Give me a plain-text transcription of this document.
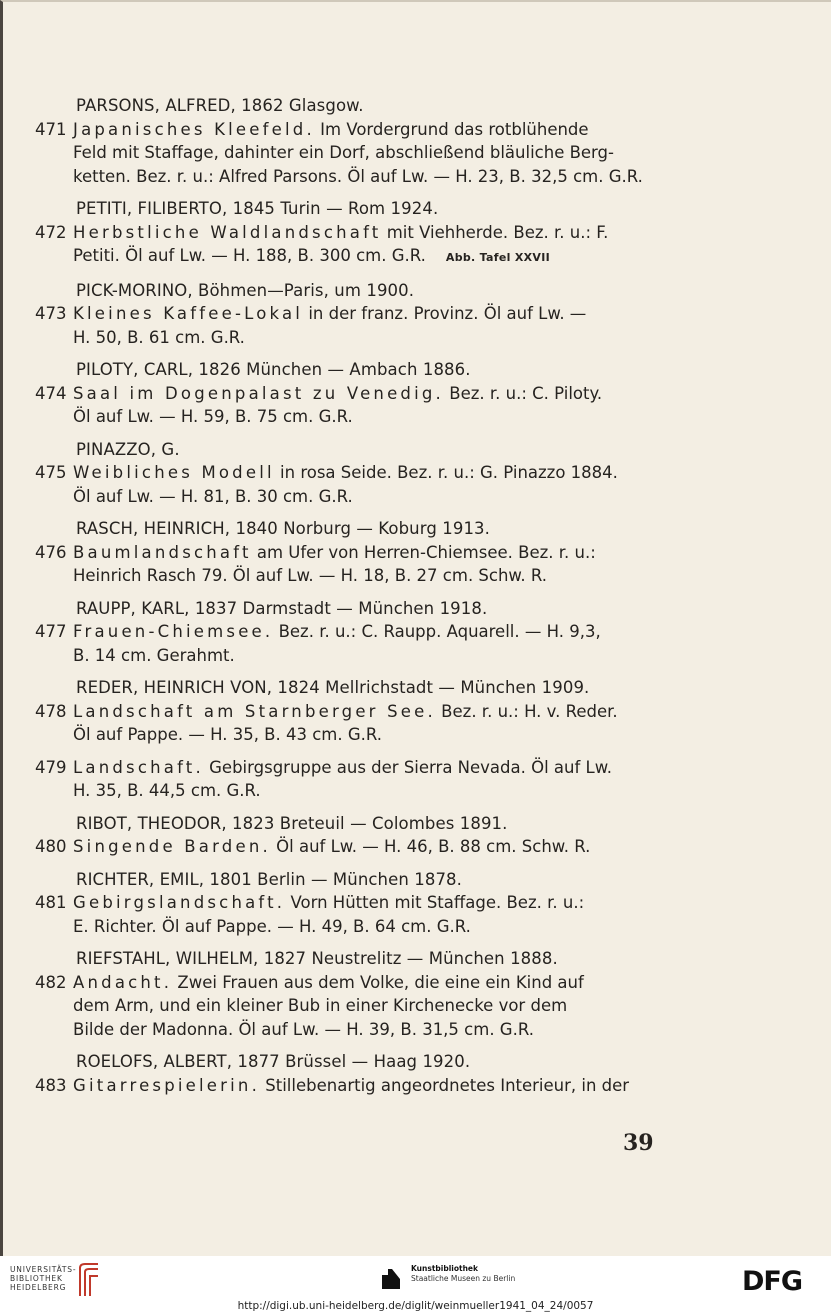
PARSONS, ALFRED, 1862 Glasgow.
471 Japanisches Kleefeld. Im Vordergrund das rotblühende
Feld mit Staffage, dahinter ein Dorf, abschließend bläuliche Berg-
ketten. Bez. r. u.: Alfred Parsons. Öl auf Lw. — H. 23, B. 32,5 cm. G.R.
PETITI, FILIBERTO, 1845 Turin — Rom 1924.
472 Herbstliche Waldlandschaft mit Viehherde. Bez. r. u.: F.
Petiti. Öl auf Lw. — H. 188, B. 300 cm. G.R. Abb. Tafel XXVII
PICK-MORINO, Böhmen—Paris, um 1900.
473 Kleines Kaffee-Lokal in der franz. Provinz. Öl auf Lw. —
H. 50, B. 61 cm. G.R.
PILOTY, CARL, 1826 München — Ambach 1886.
474 Saal im Dogenpalast zu Venedig. Bez. r. u.: C. Piloty.
Öl auf Lw. — H. 59, B. 75 cm. G.R.
PINAZZO, G.
475 Weibliches Modell in rosa Seide. Bez. r. u.: G. Pinazzo 1884.
Öl auf Lw. — H. 81, B. 30 cm. G.R.
RASCH, HEINRICH, 1840 Norburg — Koburg 1913.
476 Baumlandschaft am Ufer von Herren-Chiemsee. Bez. r. u.:
Heinrich Rasch 79. Öl auf Lw. — H. 18, B. 27 cm. Schw. R.
RAUPP, KARL, 1837 Darmstadt — München 1918.
477 Frauen-Chiemsee. Bez. r. u.: C. Raupp. Aquarell. — H. 9,3,
B. 14 cm. Gerahmt.
REDER, HEINRICH VON, 1824 Mellrichstadt — München 1909.
478 Landschaft am Starnberger See. Bez. r. u.: H. v. Reder.
Öl auf Pappe. — H. 35, B. 43 cm. G.R.
479 Landschaft. Gebirgsgruppe aus der Sierra Nevada. Öl auf Lw.
H. 35, B. 44,5 cm. G.R.
RIBOT, THEODOR, 1823 Breteuil — Colombes 1891.
480 Singende Barden. Öl auf Lw. — H. 46, B. 88 cm. Schw. R.
RICHTER, EMIL, 1801 Berlin — München 1878.
481 Gebirgslandschaft. Vorn Hütten mit Staffage. Bez. r. u.:
E. Richter. Öl auf Pappe. — H. 49, B. 64 cm. G.R.
RIEFSTAHL, WILHELM, 1827 Neustrelitz — München 1888.
482 Andacht. Zwei Frauen aus dem Volke, die eine ein Kind auf
dem Arm, und ein kleiner Bub in einer Kirchenecke vor dem
Bilde der Madonna. Öl auf Lw. — H. 39, B. 31,5 cm. G.R.
ROELOFS, ALBERT, 1877 Brüssel — Haag 1920.
483 Gitarrespielerin. Stillebenartig angeordnetes Interieur, in der
39
UNIVERSITÄTS-
BIBLIOTHEK
HEIDELBERG
Kunstbibliothek
Staatliche Museen zu Berlin	DFG
http://digi.ub.uni-heidelberg.de/diglit/weinmueller1941_04_24/0057
